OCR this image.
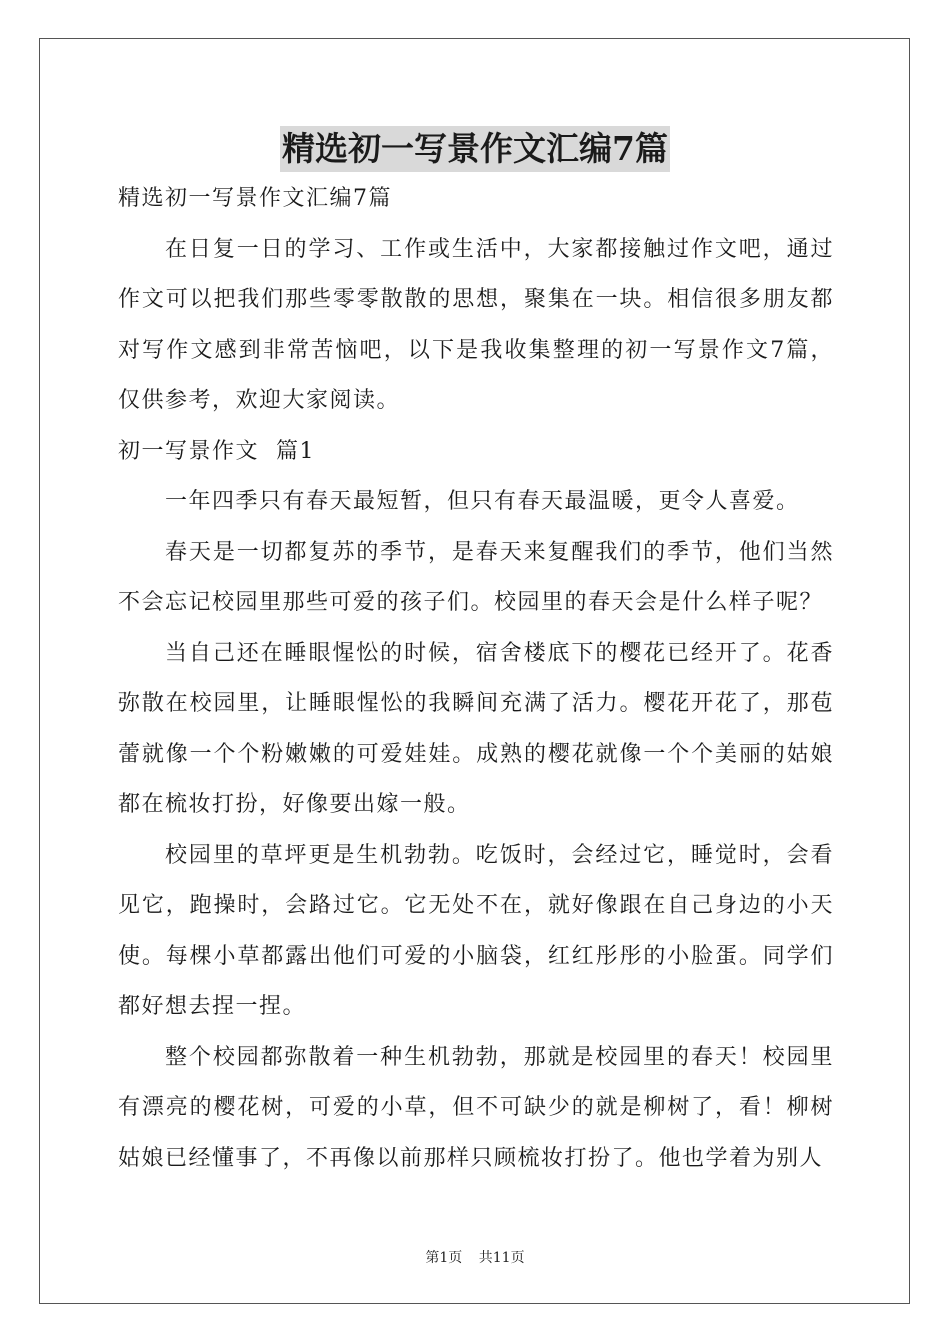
精选初一写景作文汇编7篇

精选初一写景作文汇编7篇

在日复一日的学习、工作或生活中，大家都接触过作文吧，通过作文可以把我们那些零零散散的思想，聚集在一块。相信很多朋友都对写作文感到非常苦恼吧，以下是我收集整理的初一写景作文7篇，仅供参考，欢迎大家阅读。

初一写景作文  篇1

一年四季只有春天最短暂，但只有春天最温暖，更令人喜爱。

春天是一切都复苏的季节，是春天来复醒我们的季节，他们当然不会忘记校园里那些可爱的孩子们。校园里的春天会是什么样子呢？

当自己还在睡眼惺忪的时候，宿舍楼底下的樱花已经开了。花香弥散在校园里，让睡眼惺忪的我瞬间充满了活力。樱花开花了，那苞蕾就像一个个粉嫩嫩的可爱娃娃。成熟的樱花就像一个个美丽的姑娘都在梳妆打扮，好像要出嫁一般。

校园里的草坪更是生机勃勃。吃饭时，会经过它，睡觉时，会看见它，跑操时，会路过它。它无处不在，就好像跟在自己身边的小天使。每棵小草都露出他们可爱的小脑袋，红红彤彤的小脸蛋。同学们都好想去捏一捏。

整个校园都弥散着一种生机勃勃，那就是校园里的春天！校园里有漂亮的樱花树，可爱的小草，但不可缺少的就是柳树了，看！柳树姑娘已经懂事了，不再像以前那样只顾梳妆打扮了。他也学着为别人

第1页 共11页
